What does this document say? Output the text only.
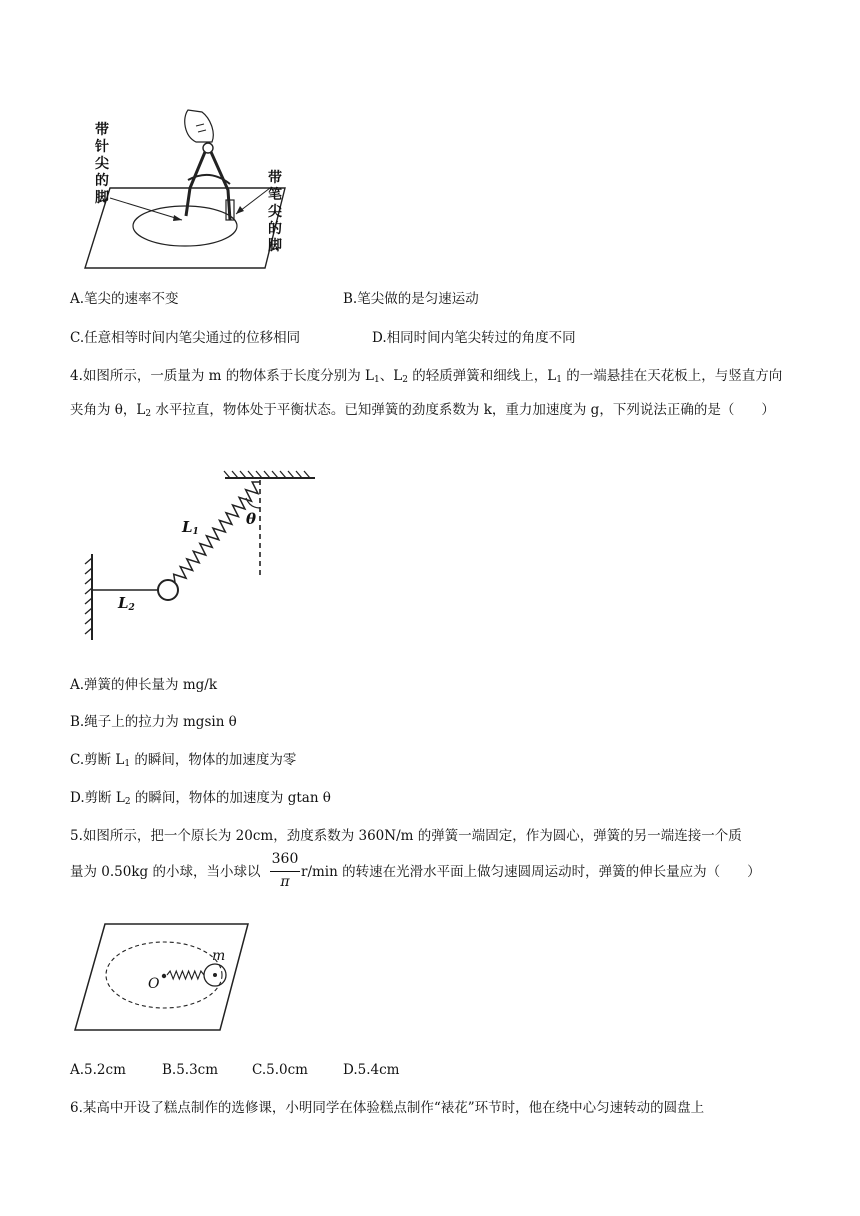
带
针
尖
的
脚
带
笔
尖
的
脚
A.笔尖的速率不变	B.笔尖做的是匀速运动
C.任意相等时间内笔尖通过的位移相同	D.相同时间内笔尖转过的角度不同
4.如图所示，一质量为 m 的物体系于长度分别为 $L_1$、$L_2$ 的轻质弹簧和细线上，$L_1$ 的一端悬挂在天花板上，与竖直方向夹角为 θ，$L_2$ 水平拉直，物体处于平衡状态。已知弹簧的劲度系数为 k，重力加速度为 g，下列说法正确的是（　　）
$L_1$
$L_2$
θ
A.弹簧的伸长量为 mg/k
B.绳子上的拉力为 mgsin θ
C.剪断 $L_1$ 的瞬间，物体的加速度为零
D.剪断 $L_2$ 的瞬间，物体的加速度为 gtan θ
5.如图所示，把一个原长为 20cm，劲度系数为 360N/m 的弹簧一端固定，作为圆心，弹簧的另一端连接一个质
量为 0.50kg 的小球，当小球以
360
π
r/min 的转速在光滑水平面上做匀速圆周运动时，弹簧的伸长量应为（　　）
O
m
A.5.2cm	B.5.3cm	C.5.0cm	D.5.4cm
6.某高中开设了糕点制作的选修课，小明同学在体验糕点制作“裱花”环节时，他在绕中心匀速转动的圆盘上
